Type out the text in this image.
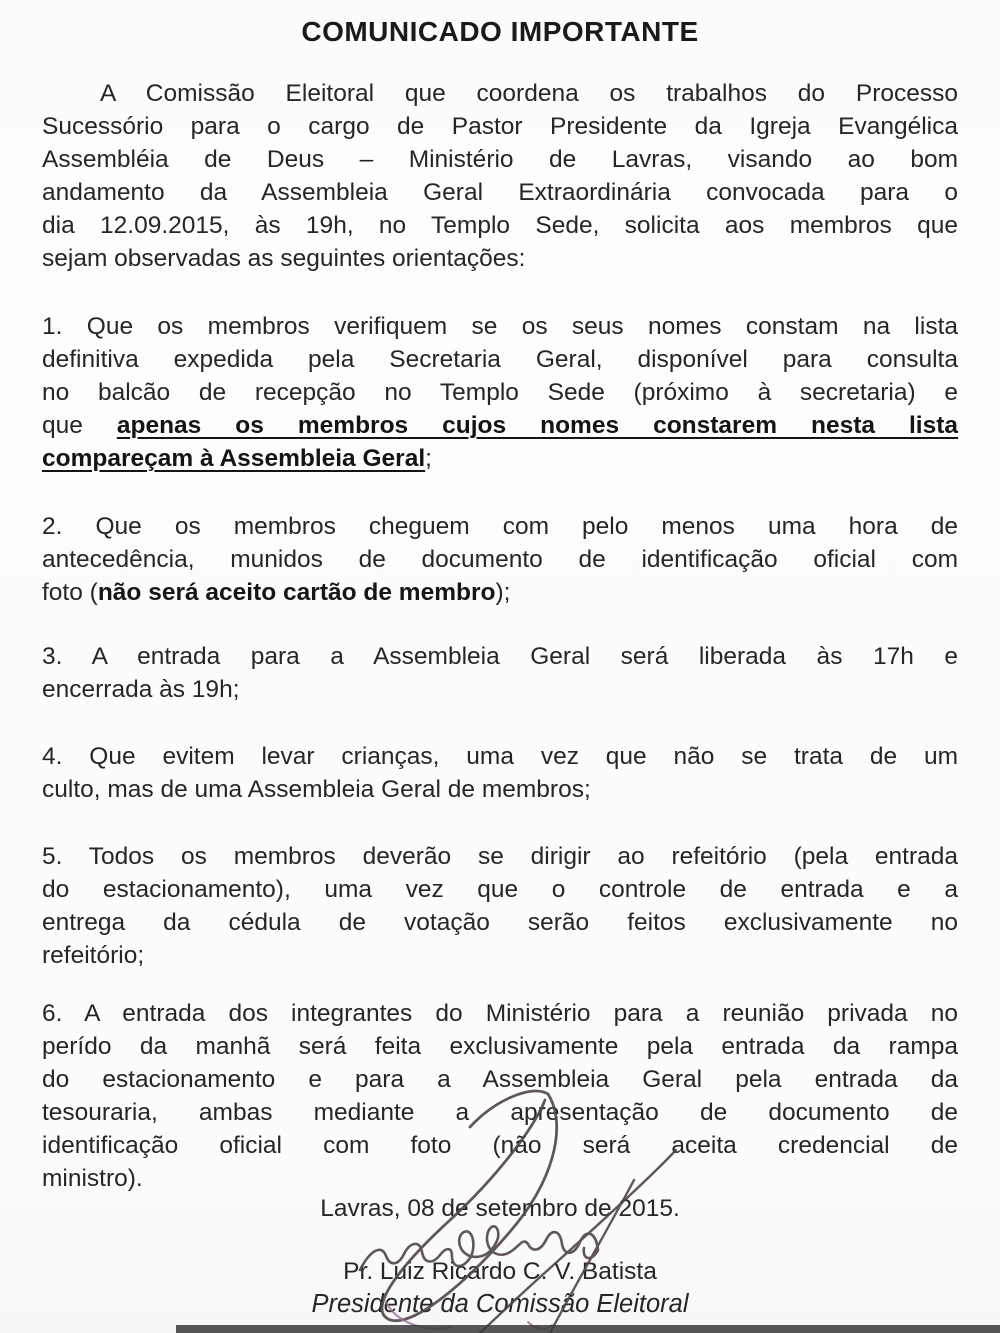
COMUNICADO IMPORTANTE
A Comissão Eleitoral que coordena os trabalhos do Processo
Sucessório para o cargo de Pastor Presidente da Igreja Evangélica
Assembléia de Deus – Ministério de Lavras, visando ao bom
andamento da Assembleia Geral Extraordinária convocada para o
dia 12.09.2015, às 19h, no Templo Sede, solicita aos membros que
sejam observadas as seguintes orientações:
1. Que os membros verifiquem se os seus nomes constam na lista
definitiva expedida pela Secretaria Geral, disponível para consulta
no balcão de recepção no Templo Sede (próximo à secretaria) e
que apenas os membros cujos nomes constarem nesta lista
compareçam à Assembleia Geral;
2. Que os membros cheguem com pelo menos uma hora de
antecedência, munidos de documento de identificação oficial com
foto (não será aceito cartão de membro);
3. A entrada para a Assembleia Geral será liberada às 17h e
encerrada às 19h;
4. Que evitem levar crianças, uma vez que não se trata de um
culto, mas de uma Assembleia Geral de membros;
5. Todos os membros deverão se dirigir ao refeitório (pela entrada
do estacionamento), uma vez que o controle de entrada e a
entrega da cédula de votação serão feitos exclusivamente no
refeitório;
6. A entrada dos integrantes do Ministério para a reunião privada no
perído da manhã será feita exclusivamente pela entrada da rampa
do estacionamento e para a Assembleia Geral pela entrada da
tesouraria, ambas mediante a apresentação de documento de
identificação oficial com foto (não será aceita credencial de
ministro).
Lavras, 08 de setembro de 2015.
Pr. Luiz Ricardo C. V. Batista
Presidente da Comissão Eleitoral
